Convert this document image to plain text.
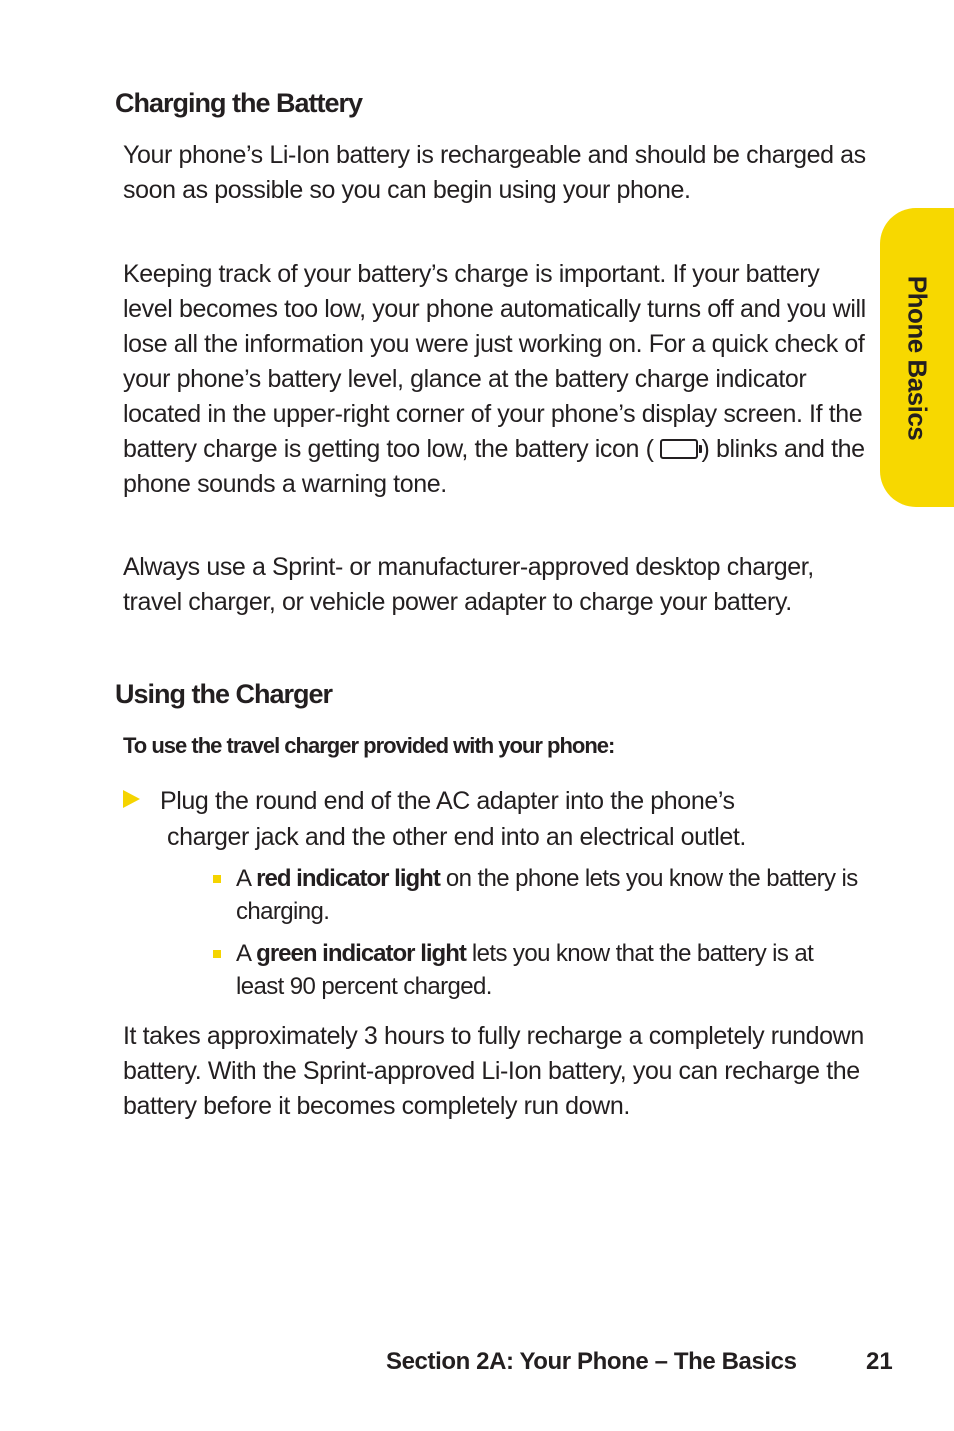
Charging the Battery

Your phone’s Li-Ion battery is rechargeable and should be charged as soon as possible so you can begin using your phone.

Keeping track of your battery’s charge is important. If your battery level becomes too low, your phone automatically turns off and you will lose all the information you were just working on. For a quick check of your phone’s battery level, glance at the battery charge indicator located in the upper-right corner of your phone’s display screen. If the battery charge is getting too low, the battery icon ( ) blinks and the phone sounds a warning tone.

Always use a Sprint- or manufacturer-approved desktop charger, travel charger, or vehicle power adapter to charge your battery.

Using the Charger

To use the travel charger provided with your phone:

Plug the round end of the AC adapter into the phone’s
charger jack and the other end into an electrical outlet.

A red indicator light on the phone lets you know the battery is charging.

A green indicator light lets you know that the battery is at least 90 percent charged.

It takes approximately 3 hours to fully recharge a completely rundown battery. With the Sprint-approved Li-Ion battery, you can recharge the battery before it becomes completely run down.

Phone Basics

Section 2A: Your Phone – The Basics	21
